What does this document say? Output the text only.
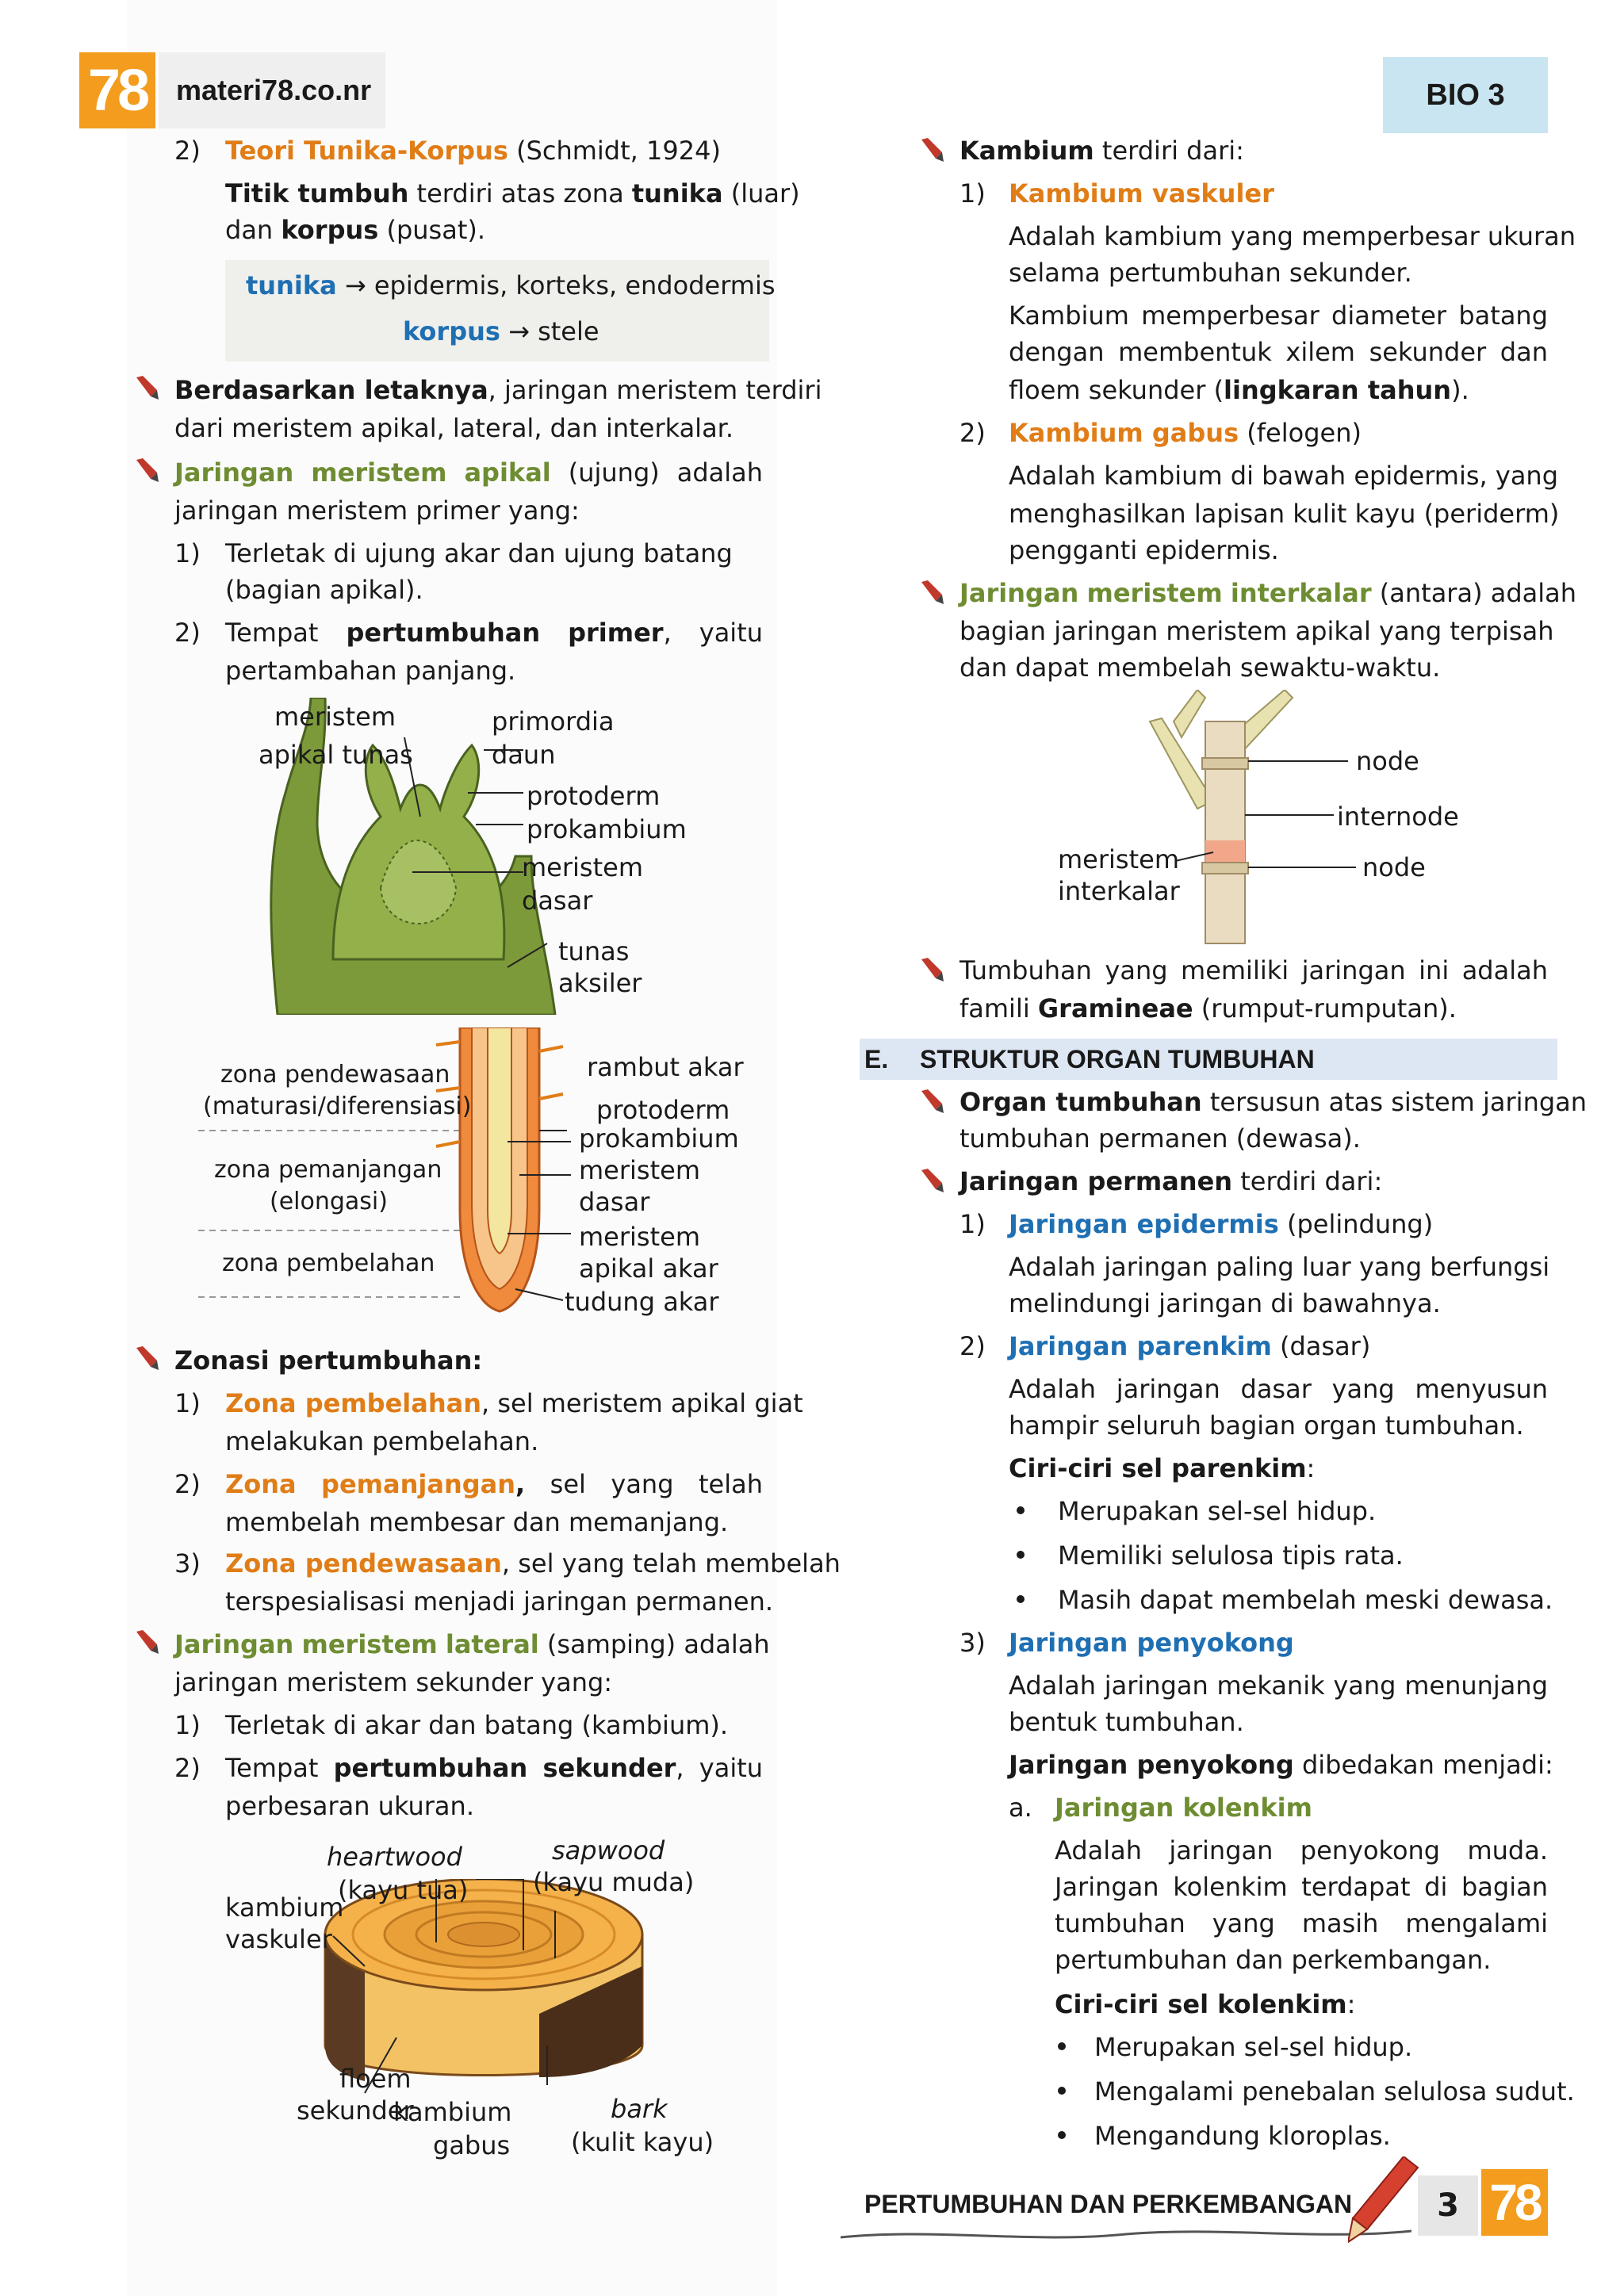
78	materi78.co.nr	BIO 3
2) Teori Tunika-Korpus (Schmidt, 1924)
Titik tumbuh terdiri atas zona tunika (luar)
dan korpus (pusat).
tunika → epidermis, korteks, endodermis
korpus → stele
Berdasarkan letaknya, jaringan meristem terdiri
dari meristem apikal, lateral, dan interkalar.
Jaringan meristem apikal (ujung) adalah
jaringan meristem primer yang:
1) Terletak di ujung akar dan ujung batang
(bagian apikal).
2) Tempat pertumbuhan primer, yaitu
pertambahan panjang.
meristem
apikal tunas
primordia
daun
protoderm
prokambium
meristem
dasar
tunas
aksiler
zona pendewasaan
(maturasi/diferensiasi)
zona pemanjangan
(elongasi)
zona pembelahan
rambut akar
protoderm
prokambium
meristem
dasar
meristem
apikal akar
tudung akar
Zonasi pertumbuhan:
1) Zona pembelahan, sel meristem apikal giat
melakukan pembelahan.
2) Zona pemanjangan, sel yang telah
membelah membesar dan memanjang.
3) Zona pendewasaan, sel yang telah membelah
terspesialisasi menjadi jaringan permanen.
Jaringan meristem lateral (samping) adalah
jaringan meristem sekunder yang:
1) Terletak di akar dan batang (kambium).
2) Tempat pertumbuhan sekunder, yaitu
perbesaran ukuran.
heartwood
(kayu tua)
sapwood
(kayu muda)
kambium
vaskuler
floem
sekunder
kambium
gabus
bark
(kulit kayu)
Kambium terdiri dari:
1) Kambium vaskuler
Adalah kambium yang memperbesar ukuran
selama pertumbuhan sekunder.
Kambium memperbesar diameter batang
dengan membentuk xilem sekunder dan
floem sekunder (lingkaran tahun).
2) Kambium gabus (felogen)
Adalah kambium di bawah epidermis, yang
menghasilkan lapisan kulit kayu (periderm)
pengganti epidermis.
Jaringan meristem interkalar (antara) adalah
bagian jaringan meristem apikal yang terpisah
dan dapat membelah sewaktu-waktu.
node
internode
meristem
interkalar
node
Tumbuhan yang memiliki jaringan ini adalah
famili Gramineae (rumput-rumputan).
E. STRUKTUR ORGAN TUMBUHAN
Organ tumbuhan tersusun atas sistem jaringan
tumbuhan permanen (dewasa).
Jaringan permanen terdiri dari:
1) Jaringan epidermis (pelindung)
Adalah jaringan paling luar yang berfungsi
melindungi jaringan di bawahnya.
2) Jaringan parenkim (dasar)
Adalah jaringan dasar yang menyusun
hampir seluruh bagian organ tumbuhan.
Ciri-ciri sel parenkim:
Merupakan sel-sel hidup.
Memiliki selulosa tipis rata.
Masih dapat membelah meski dewasa.
3) Jaringan penyokong
Adalah jaringan mekanik yang menunjang
bentuk tumbuhan.
Jaringan penyokong dibedakan menjadi:
a. Jaringan kolenkim
Adalah jaringan penyokong muda.
Jaringan kolenkim terdapat di bagian
tumbuhan yang masih mengalami
pertumbuhan dan perkembangan.
Ciri-ciri sel kolenkim:
Merupakan sel-sel hidup.
Mengalami penebalan selulosa sudut.
Mengandung kloroplas.
PERTUMBUHAN DAN PERKEMBANGAN	3 78
